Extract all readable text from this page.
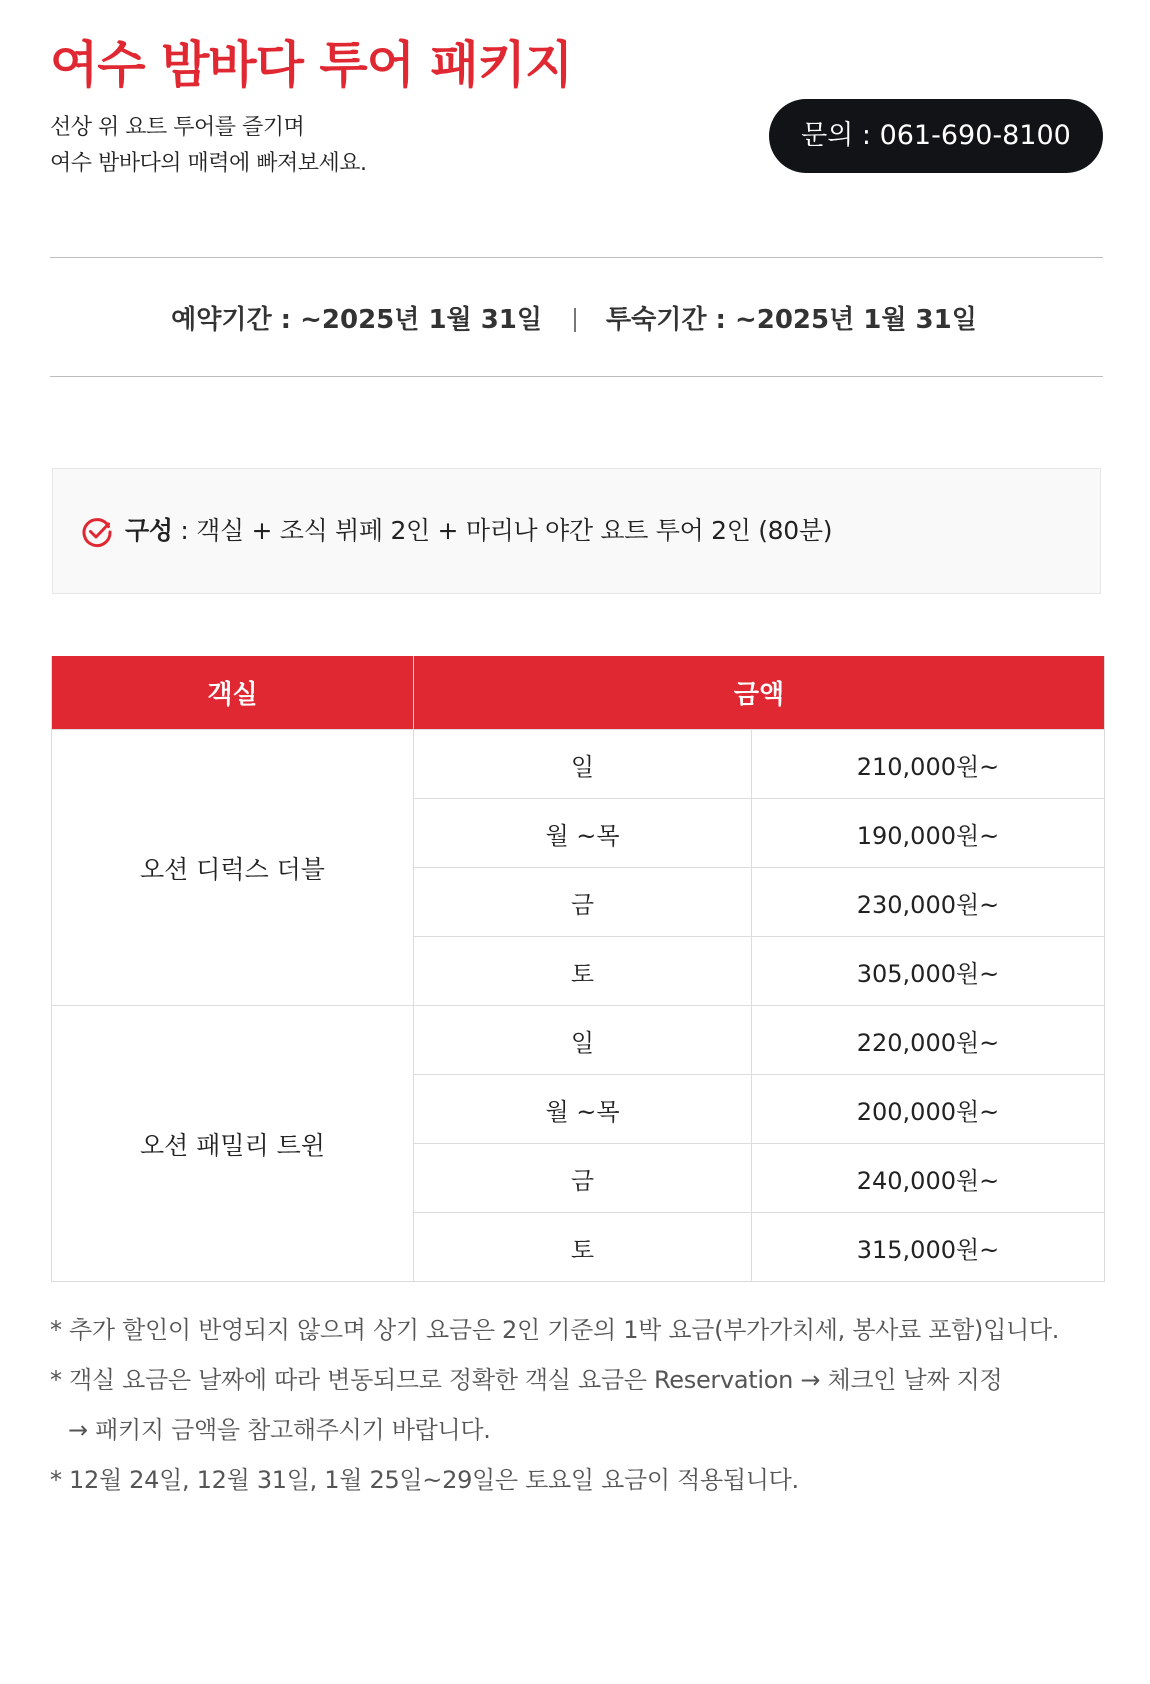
여수 밤바다 투어 패키지

선상 위 요트 투어를 즐기며
여수 밤바다의 매력에 빠져보세요.

문의 : 061-690-8100
예약기간 : ~2025년 1월 31일 투숙기간 : ~2025년 1월 31일
구성 : 객실 + 조식 뷔페 2인 + 마리나 야간 요트 투어 2인 (80분)
객실	금액	
오션 디럭스 더블	일	210,000원~
	월 ~목	190,000원~
	금	230,000원~
	토	305,000원~
오션 패밀리 트윈	일	220,000원~
	월 ~목	200,000원~
	금	240,000원~
	토	315,000원~
* 추가 할인이 반영되지 않으며 상기 요금은 2인 기준의 1박 요금(부가가치세, 봉사료 포함)입니다.
* 객실 요금은 날짜에 따라 변동되므로 정확한 객실 요금은 Reservation → 체크인 날짜 지정
→ 패키지 금액을 참고해주시기 바랍니다.
* 12월 24일, 12월 31일, 1월 25일~29일은 토요일 요금이 적용됩니다.
